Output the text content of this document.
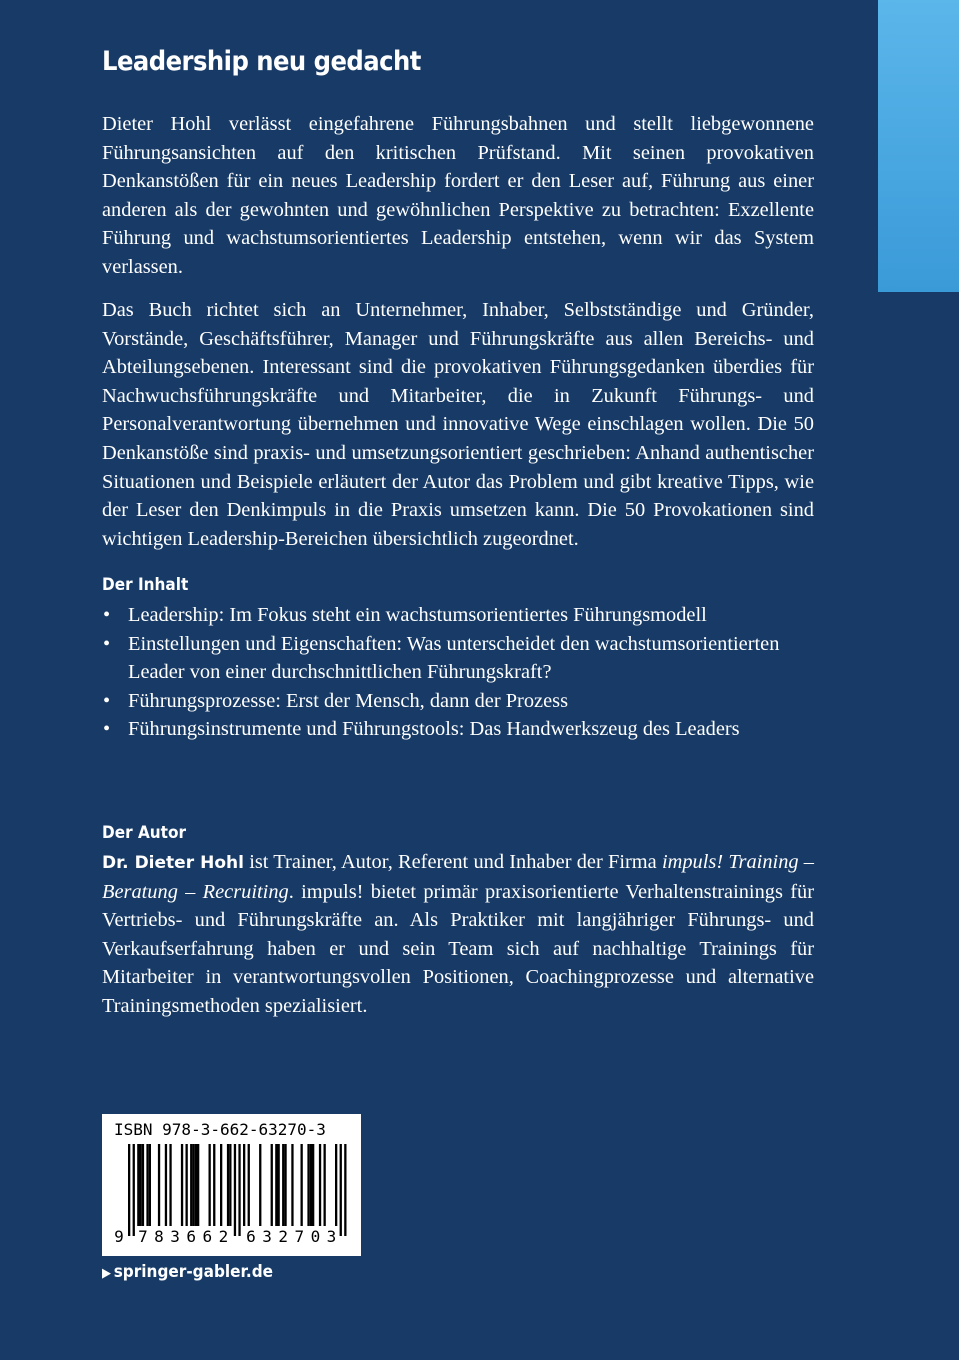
Leadership neu gedacht

Dieter Hohl verlässt eingefahrene Führungsbahnen und stellt liebgewonnene Führungsansichten auf den kritischen Prüfstand. Mit seinen provokativen Denkanstößen für ein neues Leadership fordert er den Leser auf, Führung aus einer anderen als der gewohnten und gewöhnlichen Perspektive zu betrachten: Exzellente Führung und wachstumsorientiertes Leadership entstehen, wenn wir das System verlassen.

Das Buch richtet sich an Unternehmer, Inhaber, Selbstständige und Gründer, Vorstände, Geschäftsführer, Manager und Führungskräfte aus allen Bereichs- und Abteilungsebenen. Interessant sind die provokativen Führungsgedanken überdies für Nachwuchsführungskräfte und Mitarbeiter, die in Zukunft Führungs- und Personalverantwortung übernehmen und innovative Wege einschlagen wollen. Die 50 Denkanstöße sind praxis- und umsetzungsorientiert geschrieben: Anhand authentischer Situationen und Beispiele erläutert der Autor das Problem und gibt kreative Tipps, wie der Leser den Denkimpuls in die Praxis umsetzen kann. Die 50 Provokationen sind wichtigen Leadership-Bereichen übersichtlich zugeordnet.

Der Inhalt
• Leadership: Im Fokus steht ein wachstumsorientiertes Führungsmodell
• Einstellungen und Eigenschaften: Was unterscheidet den wachstumsorientierten Leader von einer durchschnittlichen Führungskraft?
• Führungsprozesse: Erst der Mensch, dann der Prozess
• Führungsinstrumente und Führungstools: Das Handwerkszeug des Leaders
Der Autor

Dr. Dieter Hohl ist Trainer, Autor, Referent und Inhaber der Firma impuls! Training – Beratung – Recruiting. impuls! bietet primär praxisorientierte Verhaltenstrainings für Vertriebs- und Führungskräfte an. Als Praktiker mit langjähriger Führungs- und Verkaufserfahrung haben er und sein Team sich auf nachhaltige Trainings für Mitarbeiter in verantwortungsvollen Positionen, Coachingprozesse und alternative Trainingsmethoden spezialisiert.

ISBN 978-3-662-63270-3
9 7 8 3 6 6 2 6 3 2 7 0 3
▶ springer-gabler.de
